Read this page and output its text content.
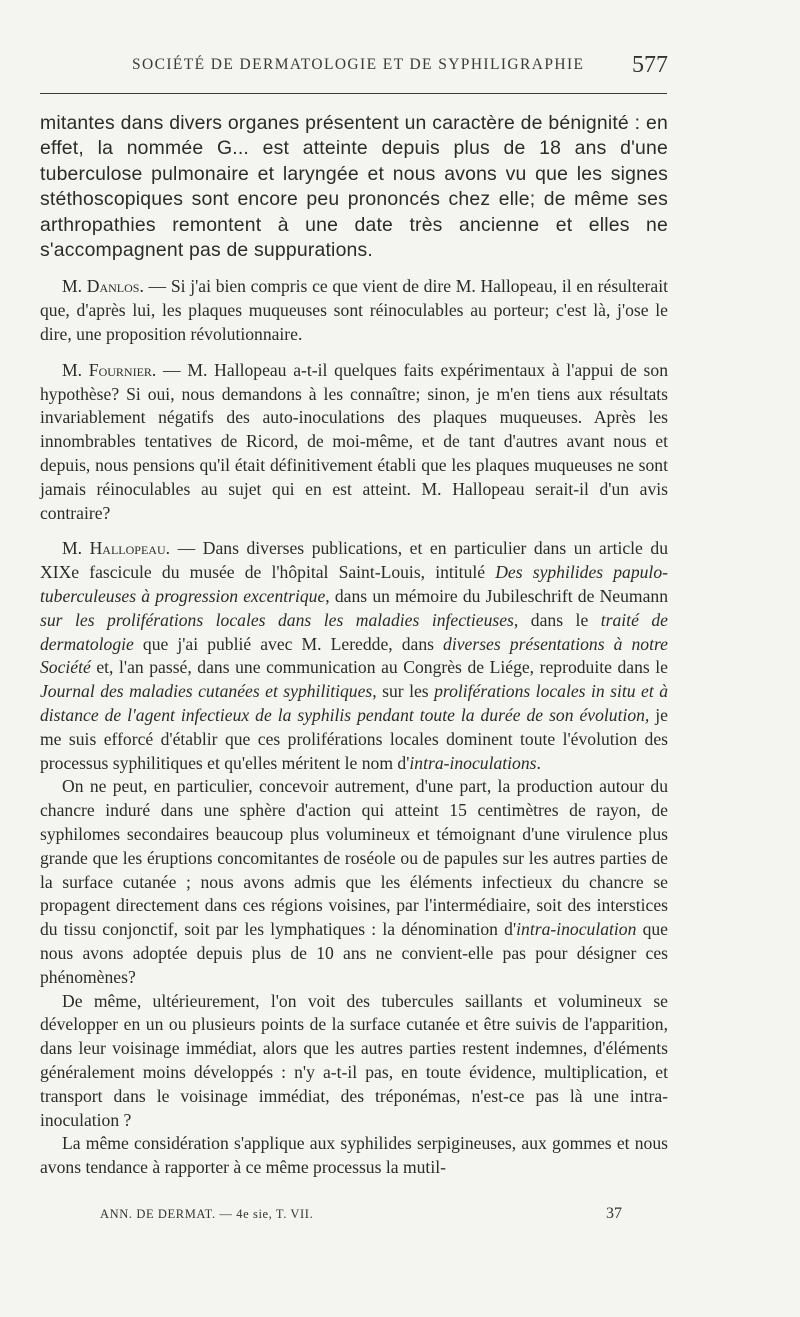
SOCIÉTÉ DE DERMATOLOGIE ET DE SYPHILIGRAPHIE 577

mitantes dans divers organes présentent un caractère de bénignité : en effet, la nommée G... est atteinte depuis plus de 18 ans d'une tuberculose pulmonaire et laryngée et nous avons vu que les signes stéthoscopiques sont encore peu prononcés chez elle; de même ses arthropathies remontent à une date très ancienne et elles ne s'accompagnent pas de suppurations.

M. Danlos. — Si j'ai bien compris ce que vient de dire M. Hallopeau, il en résulterait que, d'après lui, les plaques muqueuses sont réinoculables au porteur; c'est là, j'ose le dire, une proposition révolutionnaire.

M. Fournier. — M. Hallopeau a-t-il quelques faits expérimentaux à l'appui de son hypothèse? Si oui, nous demandons à les connaître; sinon, je m'en tiens aux résultats invariablement négatifs des auto-inoculations des plaques muqueuses. Après les innombrables tentatives de Ricord, de moi-même, et de tant d'autres avant nous et depuis, nous pensions qu'il était définitivement établi que les plaques muqueuses ne sont jamais réinoculables au sujet qui en est atteint. M. Hallopeau serait-il d'un avis contraire?

M. Hallopeau. — Dans diverses publications, et en particulier dans un article du XIXe fascicule du musée de l'hôpital Saint-Louis, intitulé Des syphilides papulo-tuberculeuses à progression excentrique, dans un mémoire du Jubileschrift de Neumann sur les proliférations locales dans les maladies infectieuses, dans le traité de dermatologie que j'ai publié avec M. Leredde, dans diverses présentations à notre Société et, l'an passé, dans une communication au Congrès de Liége, reproduite dans le Journal des maladies cutanées et syphilitiques, sur les proliférations locales in situ et à distance de l'agent infectieux de la syphilis pendant toute la durée de son évolution, je me suis efforcé d'établir que ces proliférations locales dominent toute l'évolution des processus syphilitiques et qu'elles méritent le nom d'intra-inoculations.

On ne peut, en particulier, concevoir autrement, d'une part, la production autour du chancre induré dans une sphère d'action qui atteint 15 centimètres de rayon, de syphilomes secondaires beaucoup plus volumineux et témoignant d'une virulence plus grande que les éruptions concomitantes de roséole ou de papules sur les autres parties de la surface cutanée ; nous avons admis que les éléments infectieux du chancre se propagent directement dans ces régions voisines, par l'intermédiaire, soit des interstices du tissu conjonctif, soit par les lymphatiques : la dénomination d'intra-inoculation que nous avons adoptée depuis plus de 10 ans ne convient-elle pas pour désigner ces phénomènes?

De même, ultérieurement, l'on voit des tubercules saillants et volumineux se développer en un ou plusieurs points de la surface cutanée et être suivis de l'apparition, dans leur voisinage immédiat, alors que les autres parties restent indemnes, d'éléments généralement moins développés : n'y a-t-il pas, en toute évidence, multiplication, et transport dans le voisinage immédiat, des tréponémas, n'est-ce pas là une intra-inoculation ?

La même considération s'applique aux syphilides serpigineuses, aux gommes et nous avons tendance à rapporter à ce même processus la mutil-

ANN. DE DERMAT. — 4e sie, T. VII.	37
